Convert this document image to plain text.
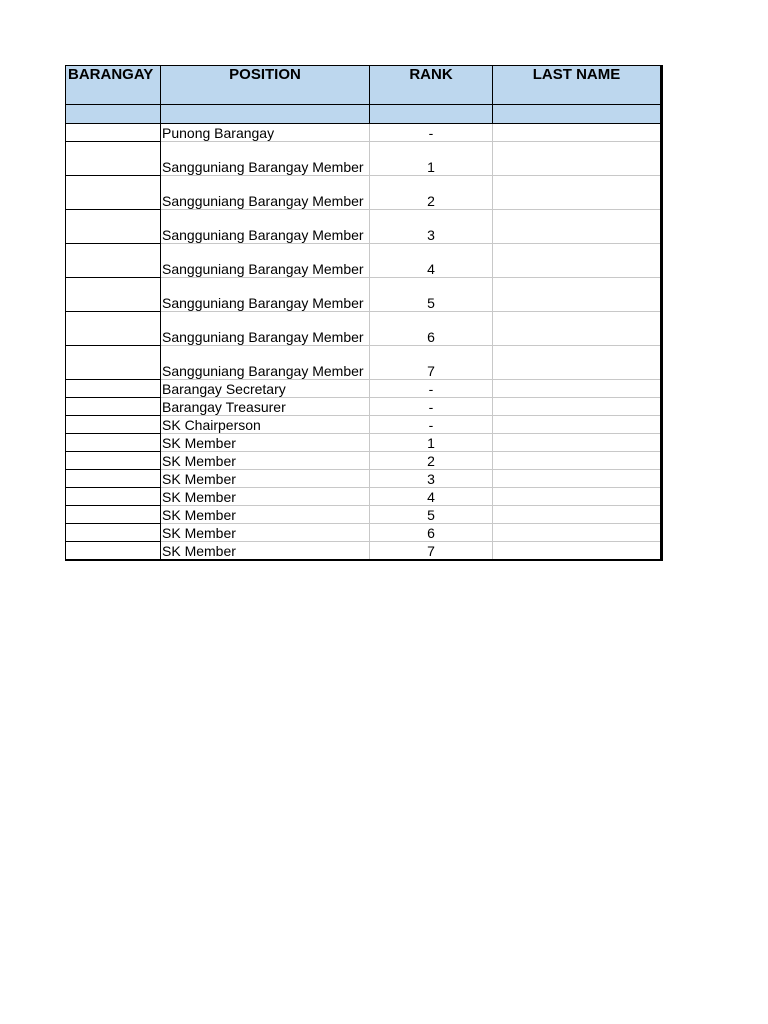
BARANGAY	POSITION	RANK	LAST NAME

	Punong Barangay	-	
	Sangguniang Barangay Member	1	
	Sangguniang Barangay Member	2	
	Sangguniang Barangay Member	3	
	Sangguniang Barangay Member	4	
	Sangguniang Barangay Member	5	
	Sangguniang Barangay Member	6	
	Sangguniang Barangay Member	7	
	Barangay Secretary	-	
	Barangay Treasurer	-	
	SK Chairperson	-	
	SK Member	1	
	SK Member	2	
	SK Member	3	
	SK Member	4	
	SK Member	5	
	SK Member	6	
	SK Member	7	
